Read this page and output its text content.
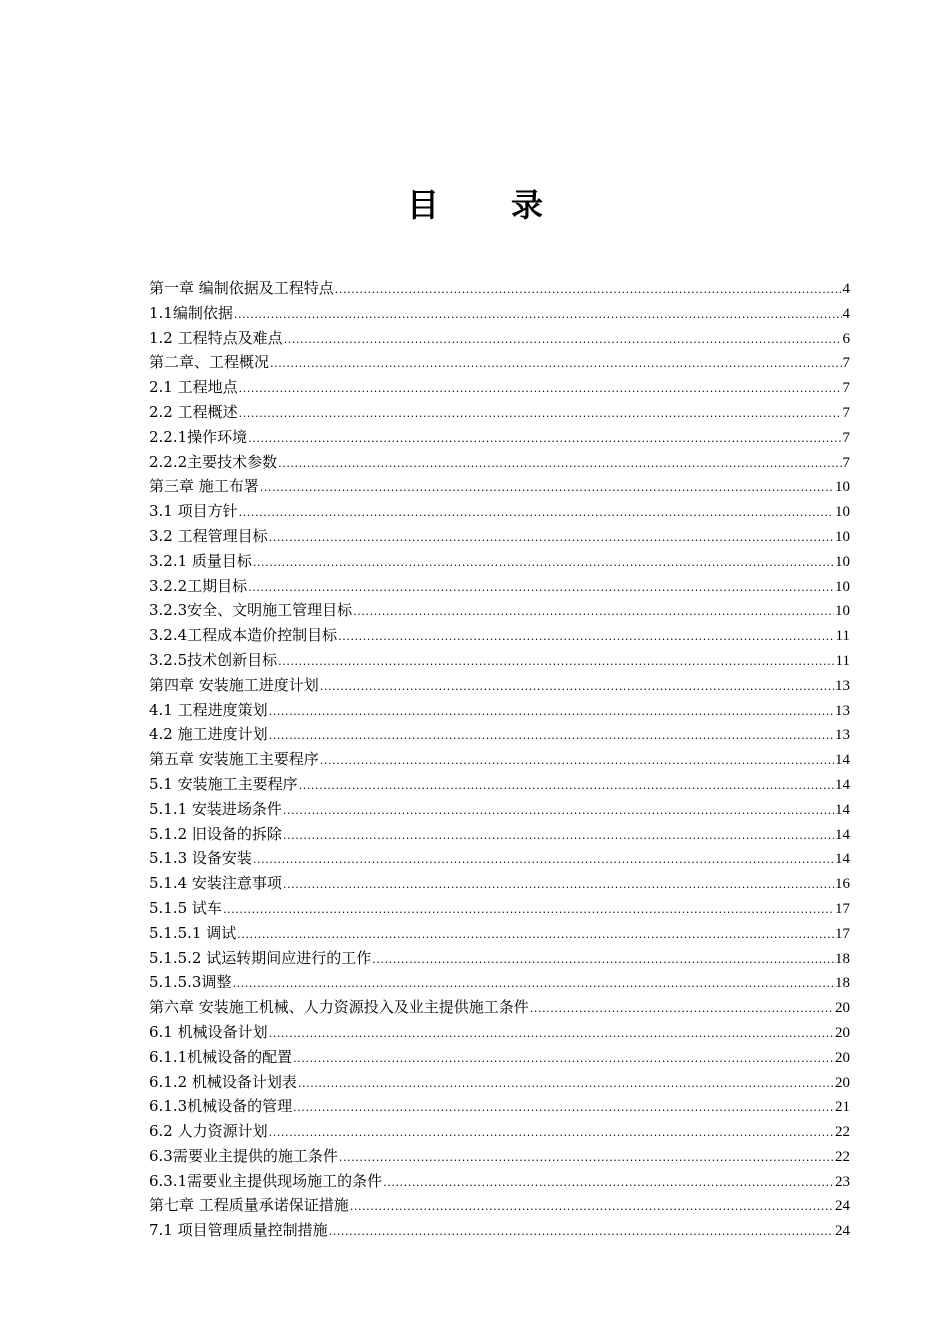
目 录
第一章 编制依据及工程特点 .....	4
1.1编制依据 .....	4
1.2 工程特点及难点 .....	6
第二章、工程概况 .....	7
2.1 工程地点 .....	7
2.2 工程概述 .....	7
2.2.1操作环境 .....	7
2.2.2主要技术参数 .....	7
第三章 施工布署 .....	10
3.1 项目方针 .....	10
3.2 工程管理目标 .....	10
3.2.1 质量目标 .....	10
3.2.2工期目标 .....	10
3.2.3安全、文明施工管理目标 .....	10
3.2.4工程成本造价控制目标 .....	11
3.2.5技术创新目标 .....	11
第四章 安装施工进度计划 .....	13
4.1 工程进度策划 .....	13
4.2 施工进度计划 .....	13
第五章 安装施工主要程序 .....	14
5.1 安装施工主要程序 .....	14
5.1.1 安装进场条件 .....	14
5.1.2 旧设备的拆除 .....	14
5.1.3 设备安装 .....	14
5.1.4 安装注意事项 .....	16
5.1.5 试车 .....	17
5.1.5.1 调试 .....	17
5.1.5.2 试运转期间应进行的工作 .....	18
5.1.5.3调整 .....	18
第六章 安装施工机械、人力资源投入及业主提供施工条件 .....	20
6.1 机械设备计划 .....	20
6.1.1机械设备的配置 .....	20
6.1.2 机械设备计划表 .....	20
6.1.3机械设备的管理 .....	21
6.2 人力资源计划 .....	22
6.3需要业主提供的施工条件 .....	22
6.3.1需要业主提供现场施工的条件 .....	23
第七章 工程质量承诺保证措施 .....	24
7.1 项目管理质量控制措施 .....	24
